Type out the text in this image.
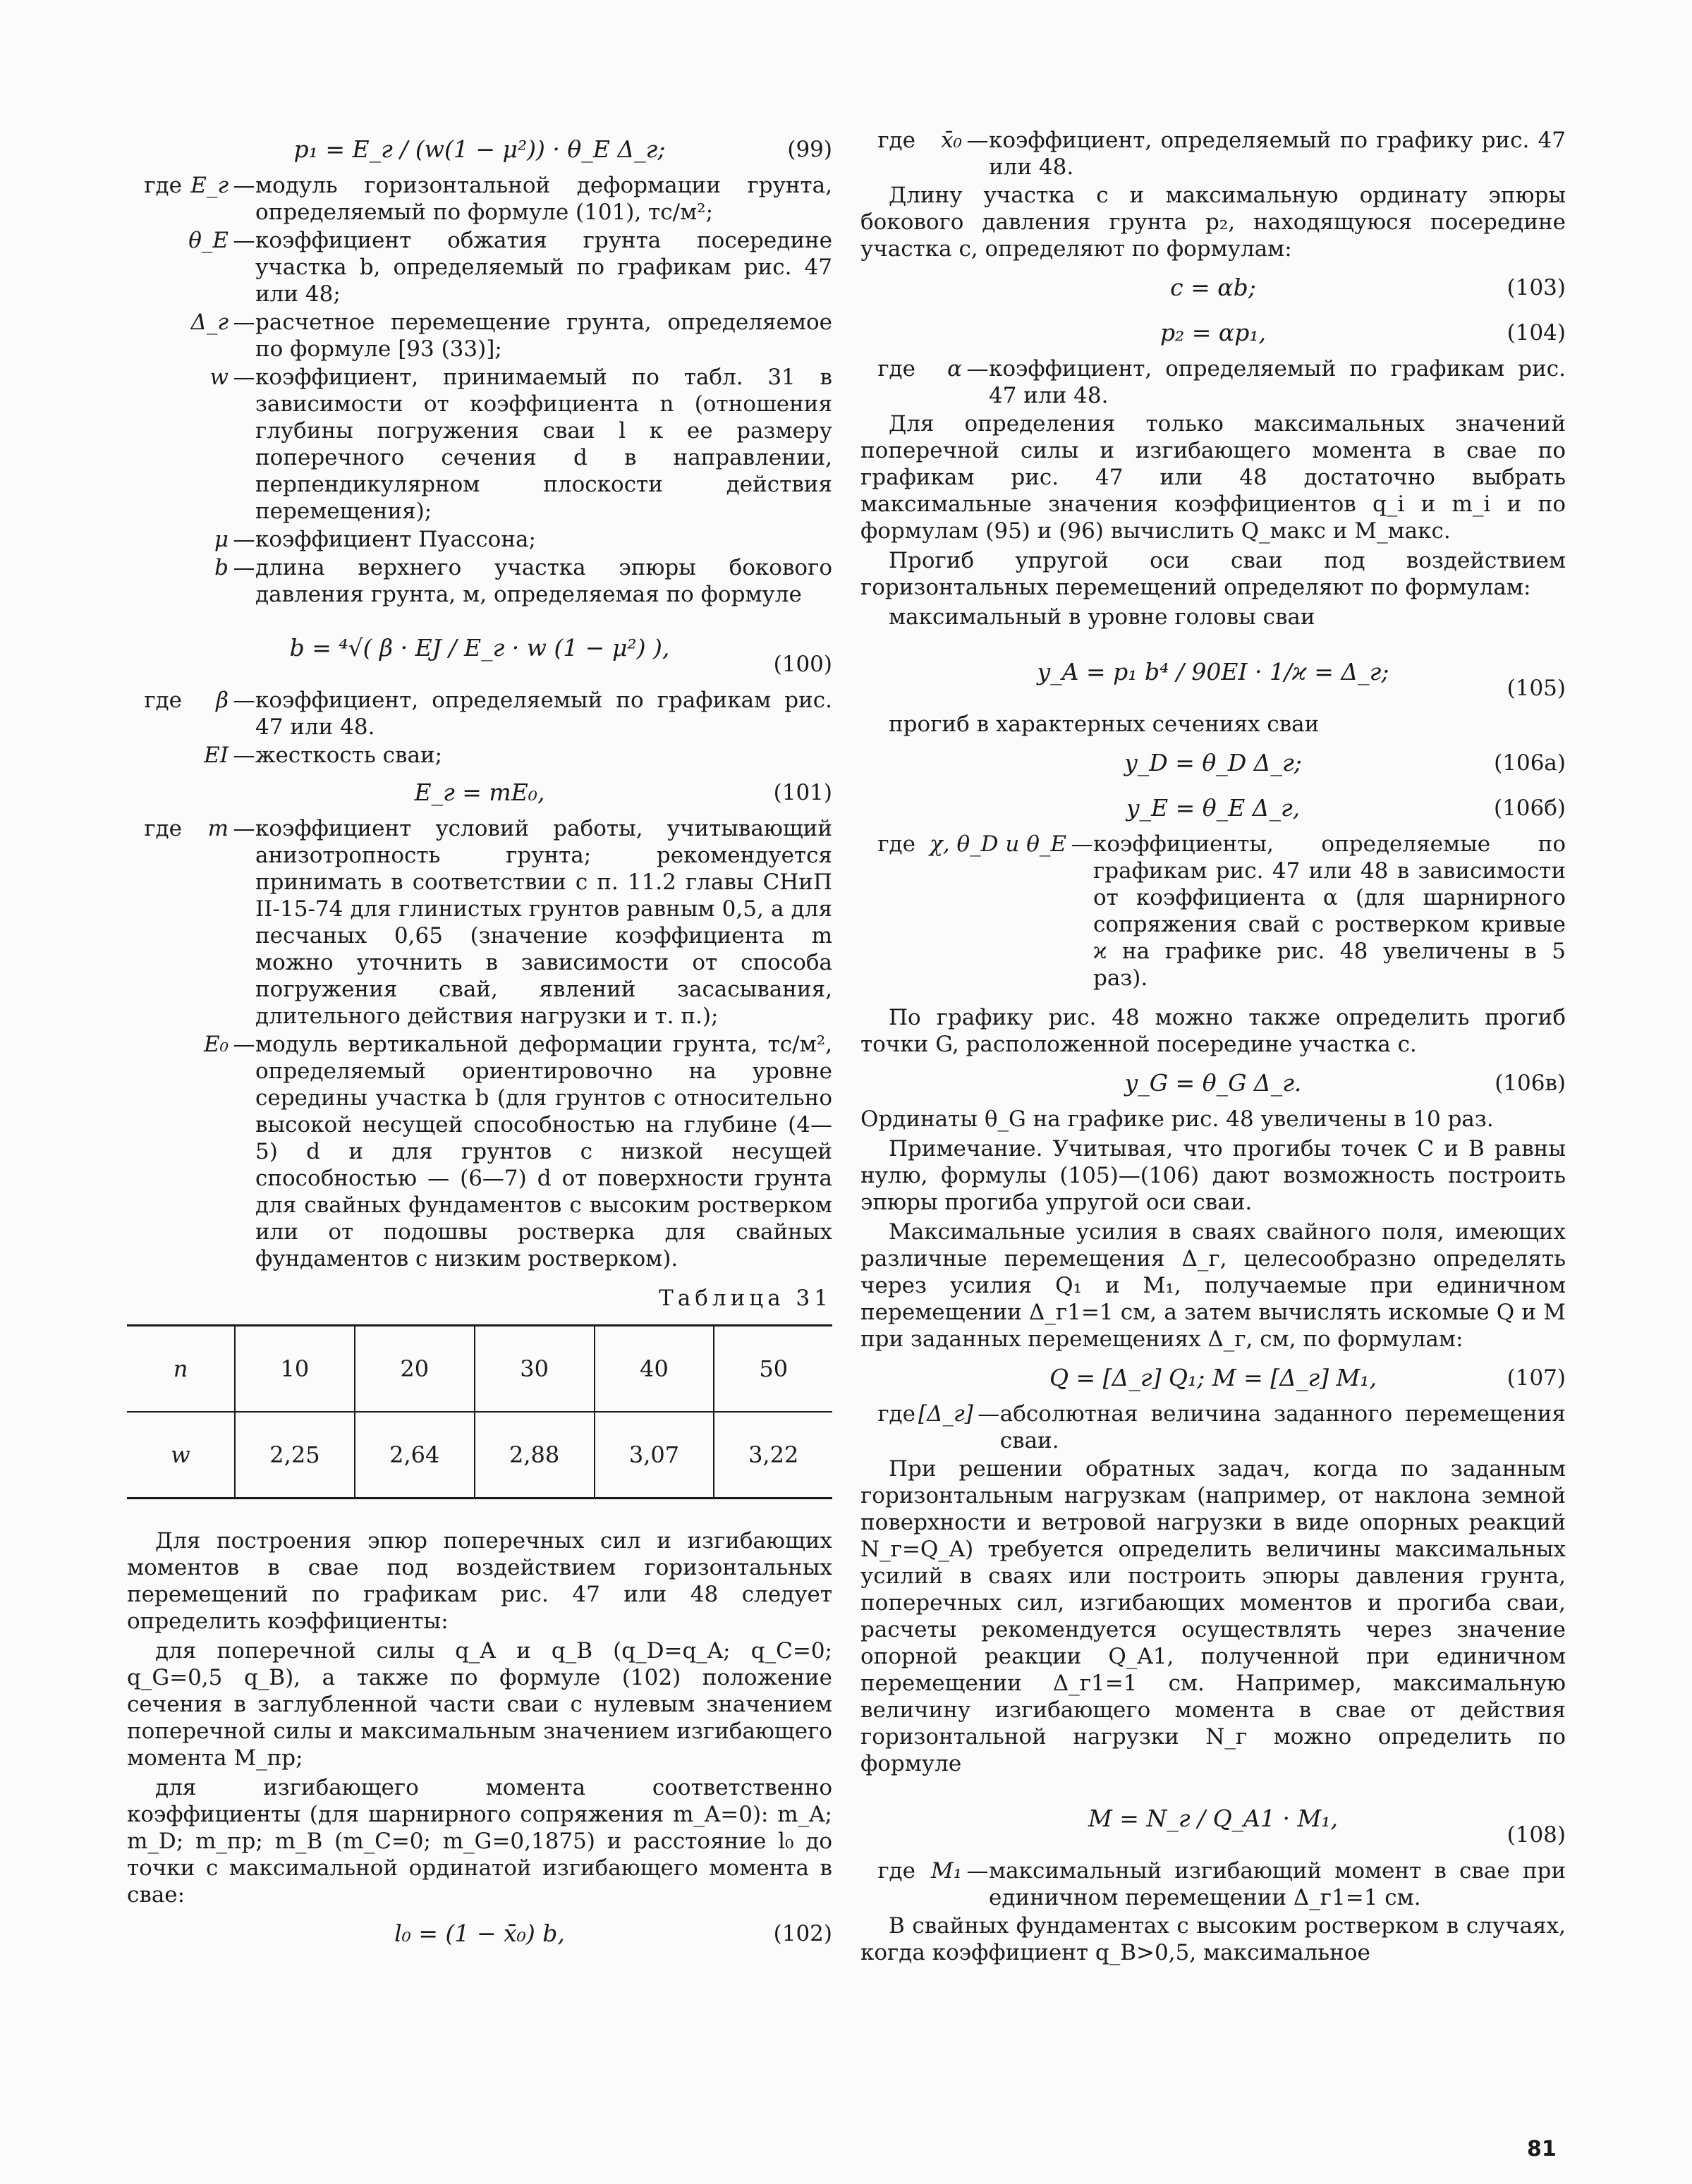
p₁ = E_г / (w(1 − μ²)) · θ_E Δ_г;	(99)
где E_г — модуль горизонтальной деформации грунта, определяемый по формуле (101), тс/м²;
θ_E — коэффициент обжатия грунта посередине участка b, определяемый по графикам рис. 47 или 48;
Δ_г — расчетное перемещение грунта, определяемое по формуле [93 (33)];
w — коэффициент, принимаемый по табл. 31 в зависимости от коэффициента n (отношения глубины погружения сваи l к ее размеру поперечного сечения d в направлении, перпендикулярном плоскости действия перемещения);
μ — коэффициент Пуассона;
b — длина верхнего участка эпюры бокового давления грунта, м, определяемая по формуле
b = ⁴√( β · EJ / E_г · w (1 − μ²) ),
(100)
где	β — коэффициент, определяемый по графикам рис. 47 или 48.
EI — жесткость сваи;
E_г = mE₀,	(101)
где	m — коэффициент условий работы, учитывающий анизотропность грунта; рекомендуется принимать в соответствии с п. 11.2 главы СНиП II-15-74 для глинистых грунтов равным 0,5, а для песчаных 0,65 (значение коэффициента m можно уточнить в зависимости от способа погружения свай, явлений засасывания, длительного действия нагрузки и т. п.);
E₀ — модуль вертикальной деформации грунта, тс/м², определяемый ориентировочно на уровне середины участка b (для грунтов с относительно высокой несущей способностью на глубине (4—5) d и для грунтов с низкой несущей способностью — (6—7) d от поверхности грунта для свайных фундаментов с высоким ростверком или от подошвы ростверка для свайных фундаментов с низким ростверком).
Таблица 31
n	10	20	30	40	50
w	2,25	2,64	2,88	3,07	3,22

Для построения эпюр поперечных сил и изгибающих моментов в свае под воздействием горизонтальных перемещений по графикам рис. 47 или 48 следует определить коэффициенты:

для поперечной силы q_A и q_B (q_D=q_A; q_C=0; q_G=0,5 q_B), а также по формуле (102) положение сечения в заглубленной части сваи с нулевым значением поперечной силы и максимальным значением изгибающего момента M_пр;

для изгибающего момента соответственно коэффициенты (для шарнирного сопряжения m_A=0): m_A; m_D; m_пр; m_B (m_C=0; m_G=0,1875) и расстояние l₀ до точки с максимальной ординатой изгибающего момента в свае:

l₀ = (1 − x̄₀) b,	(102)
где	x̄₀ — коэффициент, определяемый по графику рис. 47 или 48.

Длину участка c и максимальную ординату эпюры бокового давления грунта p₂, находящуюся посередине участка c, определяют по формулам:

c = αb;	(103)
p₂ = αp₁,	(104)
где	α — коэффициент, определяемый по графикам рис. 47 или 48.

Для определения только максимальных значений поперечной силы и изгибающего момента в свае по графикам рис. 47 или 48 достаточно выбрать максимальные значения коэффициентов q_i и m_i и по формулам (95) и (96) вычислить Q_макс и M_макс.

Прогиб упругой оси сваи под воздействием горизонтальных перемещений определяют по формулам:

максимальный в уровне головы сваи

y_A = p₁ b⁴ / 90EI · 1/ϰ = Δ_г;
(105)

прогиб в характерных сечениях сваи

y_D = θ_D Δ_г;	(106а)
y_E = θ_E Δ_г,	(106б)
где χ, θ_D и θ_E — коэффициенты, определяемые по графикам рис. 47 или 48 в зависимости от коэффициента α (для шарнирного сопряжения свай с ростверком кривые ϰ на графике рис. 48 увеличены в 5 раз).

По графику рис. 48 можно также определить прогиб точки G, расположенной посередине участка c.

y_G = θ_G Δ_г.	(106в)

Ординаты θ_G на графике рис. 48 увеличены в 10 раз.

Примечание. Учитывая, что прогибы точек C и B равны нулю, формулы (105)—(106) дают возможность построить эпюры прогиба упругой оси сваи.

Максимальные усилия в сваях свайного поля, имеющих различные перемещения Δ_г, целесообразно определять через усилия Q₁ и M₁, получаемые при единичном перемещении Δ_г1=1 см, а затем вычислять искомые Q и M при заданных перемещениях Δ_г, см, по формулам:

Q = [Δ_г] Q₁; M = [Δ_г] M₁,	(107)
где [Δ_г] — абсолютная величина заданного перемещения сваи.

При решении обратных задач, когда по заданным горизонтальным нагрузкам (например, от наклона земной поверхности и ветровой нагрузки в виде опорных реакций N_г=Q_A) требуется определить величины максимальных усилий в сваях или построить эпюры давления грунта, поперечных сил, изгибающих моментов и прогиба сваи, расчеты рекомендуется осуществлять через значение опорной реакции Q_A1, полученной при единичном перемещении Δ_г1=1 см. Например, максимальную величину изгибающего момента в свае от действия горизонтальной нагрузки N_г можно определить по формуле

M = N_г / Q_A1 · M₁,
(108)
где M₁ — максимальный изгибающий момент в свае при единичном перемещении Δ_г1=1 см.

В свайных фундаментах с высоким ростверком в случаях, когда коэффициент q_B>0,5, максимальное

81
